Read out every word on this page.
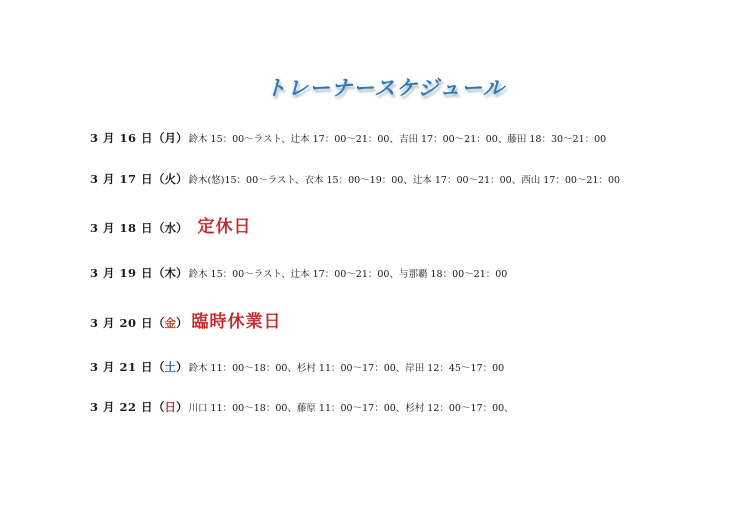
トレーナースケジュール
3 月 16 日 （月） 鈴木 15：00～ラスト、辻本 17：00～21：00、吉田 17：00～21：00、藤田 18：30～21：00
3 月 17 日 （火） 鈴木(悠)15：00～ラスト、衣本 15：00～19：00、辻本 17：00～21：00、西山 17：00～21：00
3 月 18 日 （水） 定休日
3 月 19 日 （木） 鈴木 15：00～ラスト、辻本 17：00～21：00、与那覇 18：00～21：00
3 月 20 日 （金） 臨時休業日
3 月 21 日 （土） 鈴木 11：00～18：00、杉村 11：00～17：00、岸田 12：45～17：00
3 月 22 日 （日） 川口 11：00～18：00、藤原 11：00～17：00、杉村 12：00～17：00、
